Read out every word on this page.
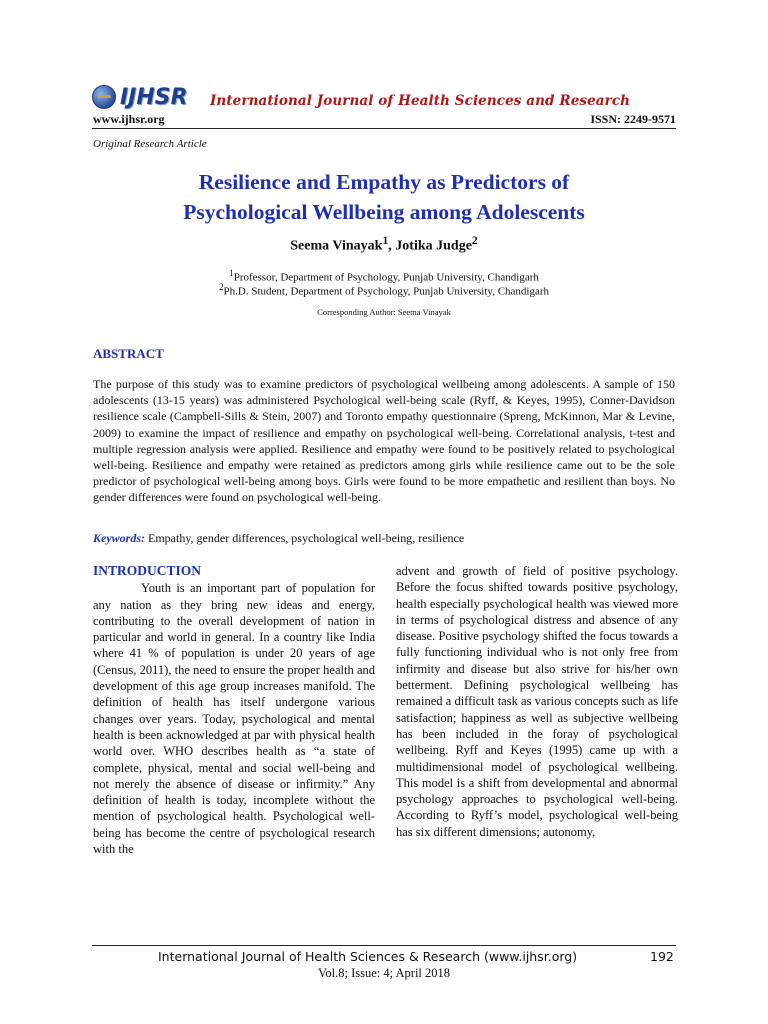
IJHSR International Journal of Health Sciences and Research
www.ijhsr.org	ISSN: 2249-9571
Original Research Article
Resilience and Empathy as Predictors of
Psychological Wellbeing among Adolescents
Seema Vinayak$^1$, Jotika Judge$^2$
$^1$Professor, Department of Psychology, Punjab University, Chandigarh
$^2$Ph.D. Student, Department of Psychology, Punjab University, Chandigarh
Corresponding Author: Seema Vinayak
ABSTRACT
The purpose of this study was to examine predictors of psychological wellbeing among adolescents. A sample of 150 adolescents (13-15 years) was administered Psychological well-being scale (Ryff, & Keyes, 1995), Conner-Davidson resilience scale (Campbell-Sills & Stein, 2007) and Toronto empathy questionnaire (Spreng, McKinnon, Mar & Levine, 2009) to examine the impact of resilience and empathy on psychological well-being. Correlational analysis, t-test and multiple regression analysis were applied. Resilience and empathy were found to be positively related to psychological well-being. Resilience and empathy were retained as predictors among girls while resilience came out to be the sole predictor of psychological well-being among boys. Girls were found to be more empathetic and resilient than boys. No gender differences were found on psychological well-being.
Keywords: Empathy, gender differences, psychological well-being, resilience
INTRODUCTION

Youth is an important part of population for any nation as they bring new ideas and energy, contributing to the overall development of nation in particular and world in general. In a country like India where 41 % of population is under 20 years of age (Census, 2011), the need to ensure the proper health and development of this age group increases manifold. The definition of health has itself undergone various changes over years. Today, psychological and mental health is been acknowledged at par with physical health world over. WHO describes health as “a state of complete, physical, mental and social well-being and not merely the absence of disease or infirmity.” Any definition of health is today, incomplete without the mention of psychological health. Psychological well-being has become the centre of psychological research with the

advent and growth of field of positive psychology. Before the focus shifted towards positive psychology, health especially psychological health was viewed more in terms of psychological distress and absence of any disease. Positive psychology shifted the focus towards a fully functioning individual who is not only free from infirmity and disease but also strive for his/her own betterment. Defining psychological wellbeing has remained a difficult task as various concepts such as life satisfaction; happiness as well as subjective wellbeing has been included in the foray of psychological wellbeing. Ryff and Keyes (1995) came up with a multidimensional model of psychological wellbeing. This model is a shift from developmental and abnormal psychology approaches to psychological well-being. According to Ryff’s model, psychological well-being has six different dimensions; autonomy,

International Journal of Health Sciences & Research (www.ijhsr.org)	192
Vol.8; Issue: 4; April 2018
